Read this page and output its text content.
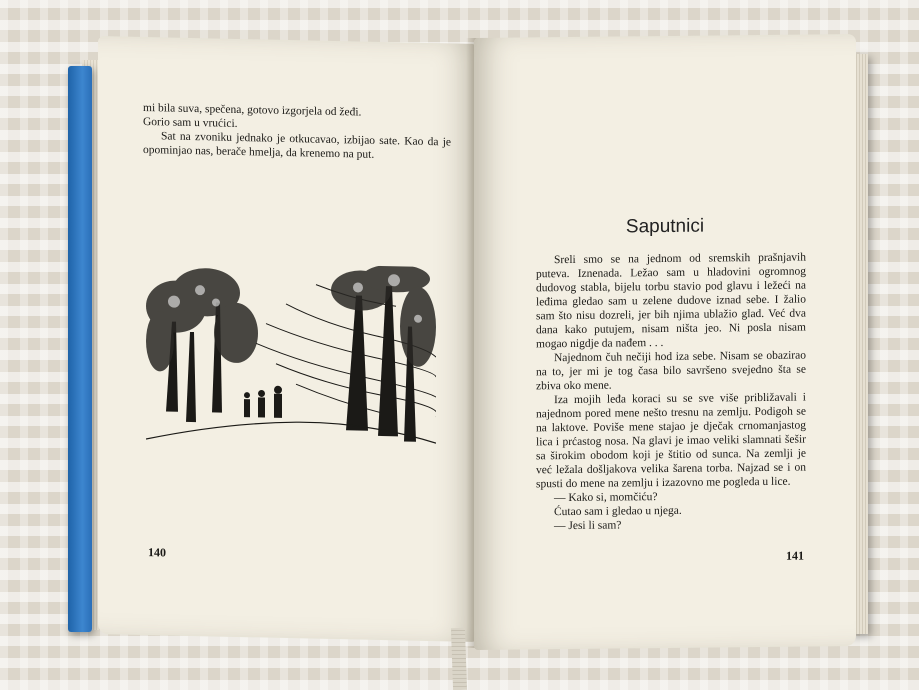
mi bila suva, spečena, gotovo izgorjela od žeđi.

Gorio sam u vrućici.

Sat na zvoniku jednako je otkucavao, izbijao sate. Kao da je opominjao nas, berače hmelja, da krenemo na put.

140
Saputnici

Sreli smo se na jednom od sremskih prašnjavih puteva. Iznenada. Ležao sam u hladovini ogromnog dudovog stabla, bijelu torbu stavio pod glavu i ležeći na leđima gledao sam u zelene dudove iznad sebe. I žalio sam što nisu dozreli, jer bih njima ublažio glad. Već dva dana kako putujem, nisam ništa jeo. Ni posla nisam mogao nigdje da nađem . . .

Najednom čuh nečiji hod iza sebe. Nisam se obazirao na to, jer mi je tog časa bilo savršeno svejedno šta se zbiva oko mene.

Iza mojih leđa koraci su se sve više približavali i najednom pored mene nešto tresnu na zemlju. Podigoh se na laktove. Povišе mene stajao je dječak crnomanjastog lica i prćastog nosa. Na glavi je imao veliki slamnati šešir sa širokim obodom koji je štitio od sunca. Na zemlji je već ležala došljakova velika šarena torba. Najzad se i on spusti do mene na zemlju i izazovno me pogleda u lice.

— Kako si, momčiću?

Ćutao sam i gledao u njega.

— Jesi li sam?

141
